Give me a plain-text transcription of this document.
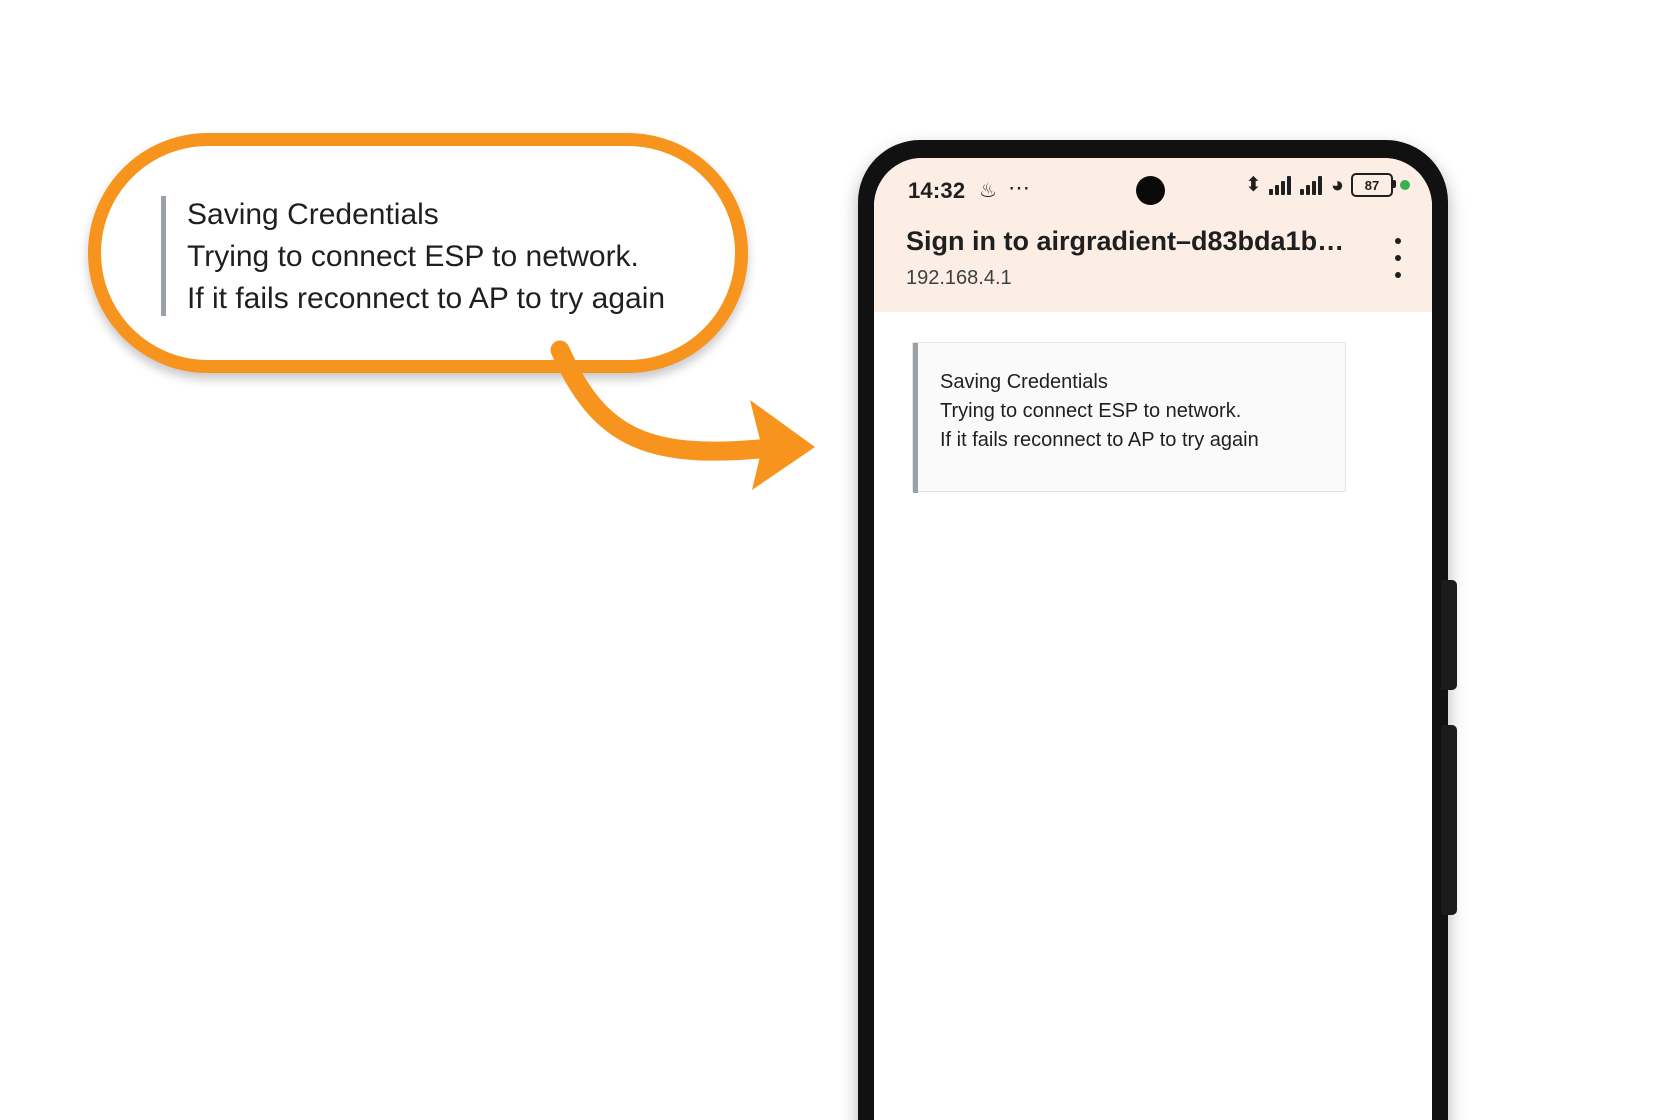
Saving Credentials
Trying to connect ESP to network.
If it fails reconnect to AP to try again
14:32 ♨ ⋯	⬍	◕ 87
Sign in to airgradient–d83bda1b…
192.168.4.1
Saving Credentials
Trying to connect ESP to network.
If it fails reconnect to AP to try again
